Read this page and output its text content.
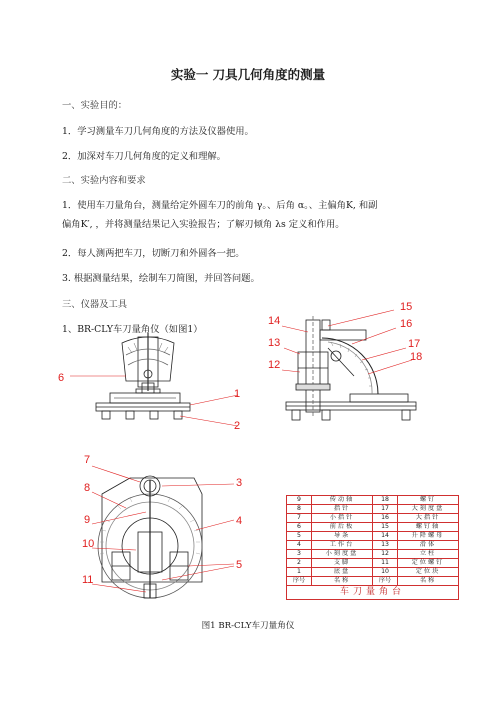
实验一 刀具几何角度的测量
一、实验目的：
1．学习测量车刀几何角度的方法及仪器使用。
2．加深对车刀几何角度的定义和理解。
二、实验内容和要求
1．使用车刀量角台，测量给定外圆车刀的前角 γ。、后角 α。、主偏角K, 和副
偏角K′, ，并将测量结果记入实验报告；了解刃倾角 λs 定义和作用。
2．每人测两把车刀，切断刀和外圆各一把。
3. 根据测量结果，绘制车刀简图，并回答问题。
三、仪器及工具
1、BR-CLY车刀量角仪（如图1）
6
1
2
14
13
12
15
16
17
18
7
8
9
10
11
3
4
5
9	传动轴	18	螺钉
8	指针	17	大刻度盘
7	小指针	16	大指针
6	前后板	15	螺钉轴
5	导条	14	升降螺母
4	工作台	13	滑体
3	小刻度盘	12	立柱
2	支脚	11	定位螺钉
1	底盘	10	定位块
序号	名称	序号	名称
车刀量角台			
图1 BR-CLY车刀量角仪
